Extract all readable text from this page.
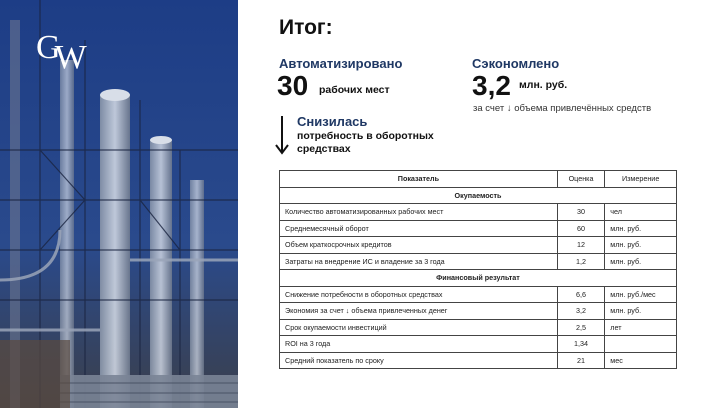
GW
Итог:
Автоматизировано
30 рабочих мест
Сэкономлено
3,2 млн. руб.
за счет ↓ объема привлечённых средств
Снизилась
потребность в оборотных средствах
Показатель	Оценка	Измерение
Окупаемость		
Количество автоматизированных рабочих мест	30	чел
Среднемесячный оборот	60	млн. руб.
Объем краткосрочных кредитов	12	млн. руб.
Затраты на внедрение ИС и владение за 3 года	1,2	млн. руб.
Финансовый результат		
Снижение потребности в оборотных средствах	6,6	млн. руб./мес
Экономия за счет ↓ объема привлеченных денег	3,2	млн. руб.
Срок окупаемости инвестиций	2,5	лет
ROI на 3 года	1,34	
Средний показатель по сроку	21	мес
